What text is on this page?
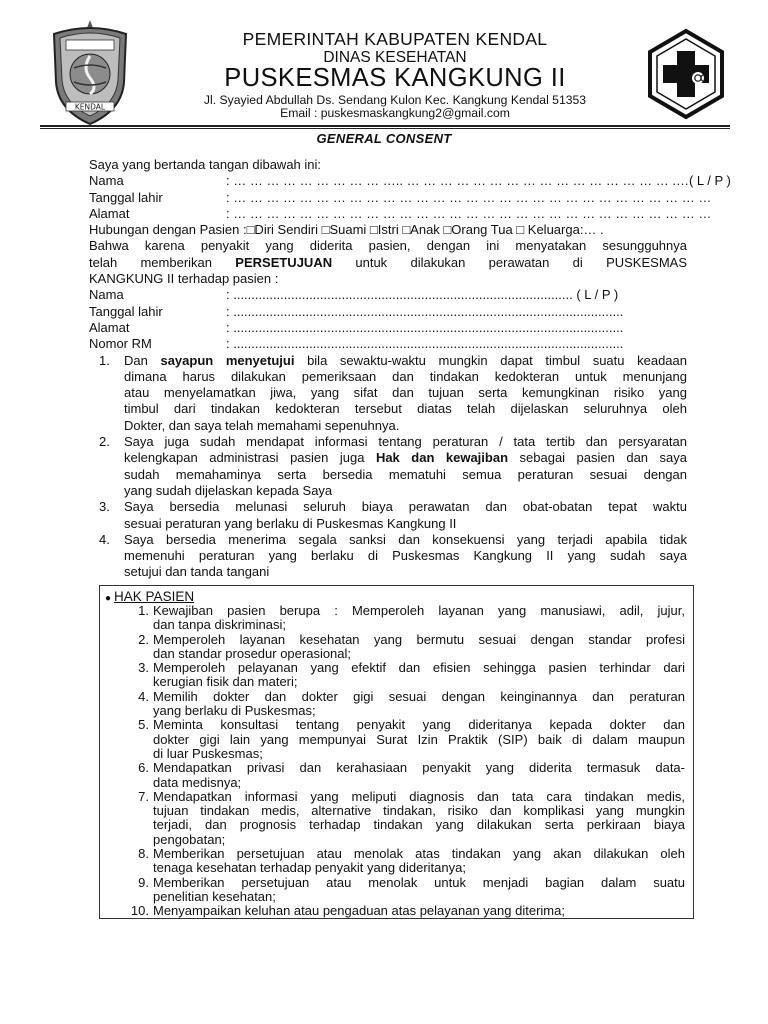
KENDAL
PEMERINTAH KABUPATEN KENDAL
DINAS KESEHATAN
PUSKESMAS KANGKUNG II
Jl. Syayied Abdullah Ds. Sendang Kulon Kec. Kangkung Kendal 51353
Email : puskesmaskangkung2@gmail.com
GENERAL CONSENT
Saya yang bertanda tangan dibawah ini:
Nama	: … … … … … … … … … ….. … … … … … … … … … … … … … … … … .…( L / P )
Tanggal lahir	: … … … … … … … … … … … … … … … … … … … … … … … … … … … … …
Alamat	: … … … … … … … … … … … … … … … … … … … … … … … … … … … … …
Hubungan dengan Pasien :□Diri Sendiri □Suami □Istri □Anak □Orang Tua □ Keluarga:… .
Bahwa karena penyakit yang diderita pasien, dengan ini menyatakan sesungguhnya
telah memberikan PERSETUJUAN untuk dilakukan perawatan di PUSKESMAS
KANGKUNG II terhadap pasien :
Nama	: .............................................................................................. ( L / P )
Tanggal lahir	: ............................................................................................................
Alamat	: ............................................................................................................
Nomor RM	: ............................................................................................................
1. Dan sayapun menyetujui bila sewaktu-waktu mungkin dapat timbul suatu keadaan
dimana harus dilakukan pemeriksaan dan tindakan kedokteran untuk menunjang
atau menyelamatkan jiwa, yang sifat dan tujuan serta kemungkinan risiko yang
timbul dari tindakan kedokteran tersebut diatas telah dijelaskan seluruhnya oleh
Dokter, dan saya telah memahami sepenuhnya.
2. Saya juga sudah mendapat informasi tentang peraturan / tata tertib dan persyaratan
kelengkapan administrasi pasien juga Hak dan kewajiban sebagai pasien dan saya
sudah memahaminya serta bersedia mematuhi semua peraturan sesuai dengan
yang sudah dijelaskan kepada Saya
3. Saya bersedia melunasi seluruh biaya perawatan dan obat-obatan tepat waktu
sesuai peraturan yang berlaku di Puskesmas Kangkung II
4. Saya bersedia menerima segala sanksi dan konsekuensi yang terjadi apabila tidak
memenuhi peraturan yang berlaku di Puskesmas Kangkung II yang sudah saya
setujui dan tanda tangani
● HAK PASIEN
1. Kewajiban pasien berupa : Memperoleh layanan yang manusiawi, adil, jujur,
dan tanpa diskriminasi;
2. Memperoleh layanan kesehatan yang bermutu sesuai dengan standar profesi
dan standar prosedur operasional;
3. Memperoleh pelayanan yang efektif dan efisien sehingga pasien terhindar dari
kerugian fisik dan materi;
4. Memilih dokter dan dokter gigi sesuai dengan keinginannya dan peraturan
yang berlaku di Puskesmas;
5. Meminta konsultasi tentang penyakit yang dideritanya kepada dokter dan
dokter gigi lain yang mempunyai Surat Izin Praktik (SIP) baik di dalam maupun
di luar Puskesmas;
6. Mendapatkan privasi dan kerahasiaan penyakit yang diderita termasuk data-
data medisnya;
7. Mendapatkan informasi yang meliputi diagnosis dan tata cara tindakan medis,
tujuan tindakan medis, alternative tindakan, risiko dan komplikasi yang mungkin
terjadi, dan prognosis terhadap tindakan yang dilakukan serta perkiraan biaya
pengobatan;
8. Memberikan persetujuan atau menolak atas tindakan yang akan dilakukan oleh
tenaga kesehatan terhadap penyakit yang dideritanya;
9. Memberikan persetujuan atau menolak untuk menjadi bagian dalam suatu
penelitian kesehatan;
10. Menyampaikan keluhan atau pengaduan atas pelayanan yang diterima;
